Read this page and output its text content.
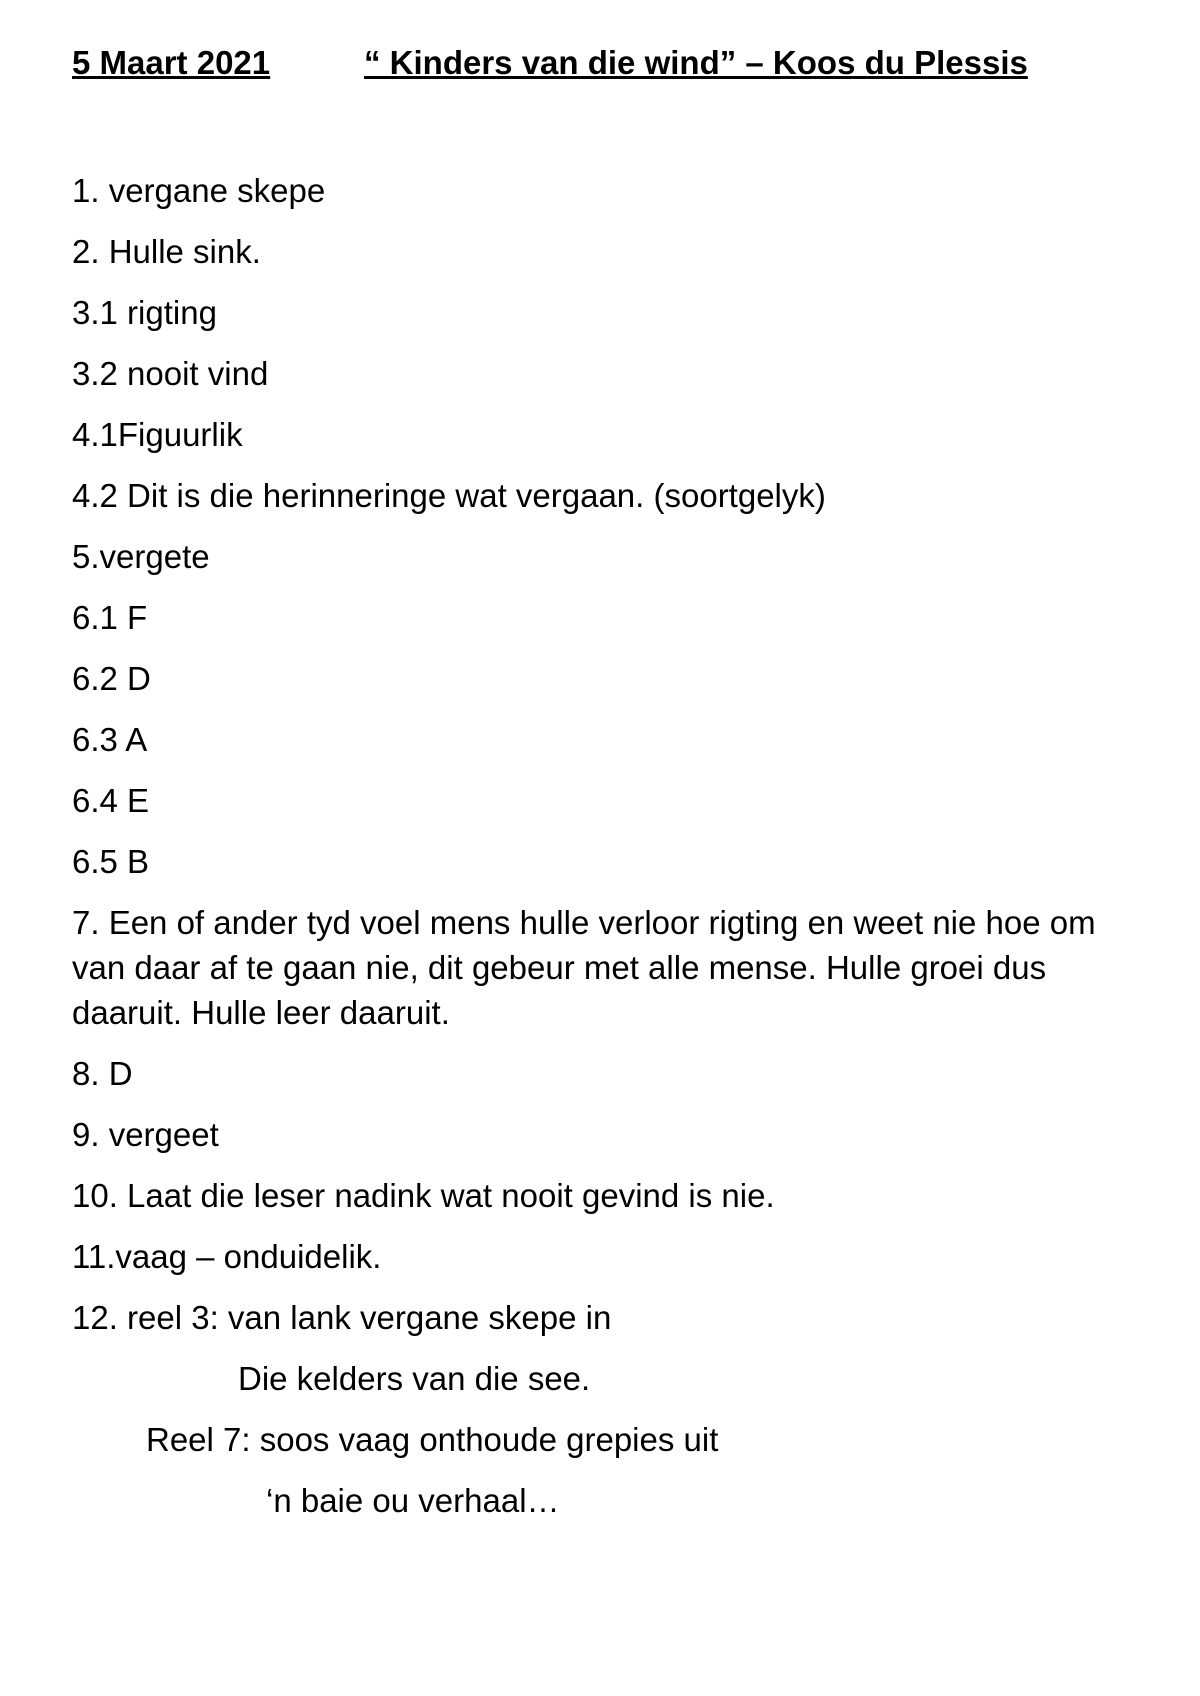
5 Maart 2021	“ Kinders van die wind” – Koos du Plessis
1. vergane skepe
2. Hulle sink.
3.1 rigting
3.2 nooit vind
4.1Figuurlik
4.2 Dit is die herinneringe wat vergaan. (soortgelyk)
5.vergete
6.1 F
6.2 D
6.3 A
6.4 E
6.5 B
7. Een of ander tyd voel mens hulle verloor rigting en weet nie hoe om van daar af te gaan nie, dit gebeur met alle mense. Hulle groei dus daaruit. Hulle leer daaruit.
8. D
9. vergeet
10. Laat die leser nadink wat nooit gevind is nie.
11.vaag – onduidelik.
12. reel 3: van lank vergane skepe in
Die kelders van die see.
Reel 7: soos vaag onthoude grepies uit
‘n baie ou verhaal…
